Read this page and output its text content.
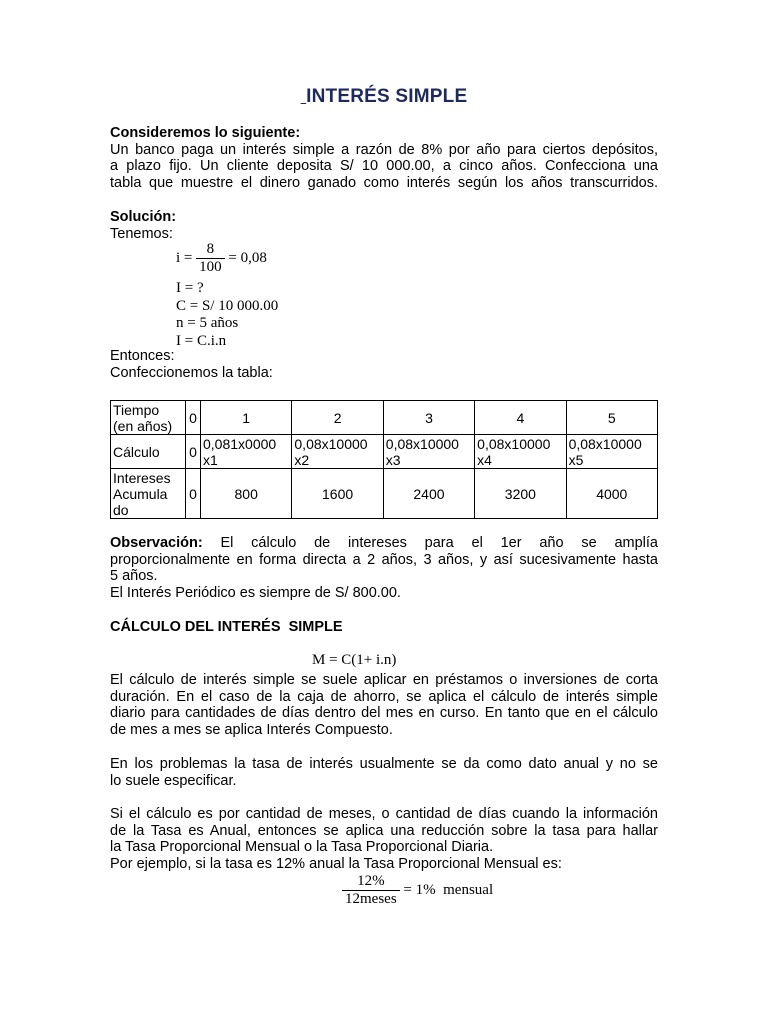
INTERÉS SIMPLE
Consideremos lo siguiente:
Un banco paga un interés simple a razón de 8% por año para ciertos depósitos,
a plazo fijo. Un cliente deposita S/ 10 000.00, a cinco años. Confecciona una
tabla que muestre el dinero ganado como interés según los años transcurridos.
Solución:
Tenemos:
$i = \frac{8}{100} = 0,08$
I = ?
C = S/ 10 000.00
n = 5 años
I = C.i.n
Entonces:
Confeccionemos la tabla:
Tiempo (en años)	0	1	2	3	4	5
Cálculo	0	0,081x0000 x1	0,08x10000 x2	0,08x10000 x3	0,08x10000 x4	0,08x10000 x5
Intereses Acumula do	0	800	1600	2400	3200	4000
Observación: El cálculo de intereses para el 1er año se amplía
proporcionalmente en forma directa a 2 años, 3 años, y así sucesivamente hasta
5 años.
El Interés Periódico es siempre de S/ 800.00.
CÁLCULO DEL INTERÉS  SIMPLE
M = C(1+ i.n)
El cálculo de interés simple se suele aplicar en préstamos o inversiones de corta
duración. En el caso de la caja de ahorro, se aplica el cálculo de interés simple
diario para cantidades de días dentro del mes en curso. En tanto que en el cálculo
de mes a mes se aplica Interés Compuesto.
En los problemas la tasa de interés usualmente se da como dato anual y no se
lo suele especificar.
Si el cálculo es por cantidad de meses, o cantidad de días cuando la información
de la Tasa es Anual, entonces se aplica una reducción sobre la tasa para hallar
la Tasa Proporcional Mensual o la Tasa Proporcional Diaria.
Por ejemplo, si la tasa es 12% anual la Tasa Proporcional Mensual es:
$\frac{12\%}{\text{12meses}} = 1\%$  mensual
